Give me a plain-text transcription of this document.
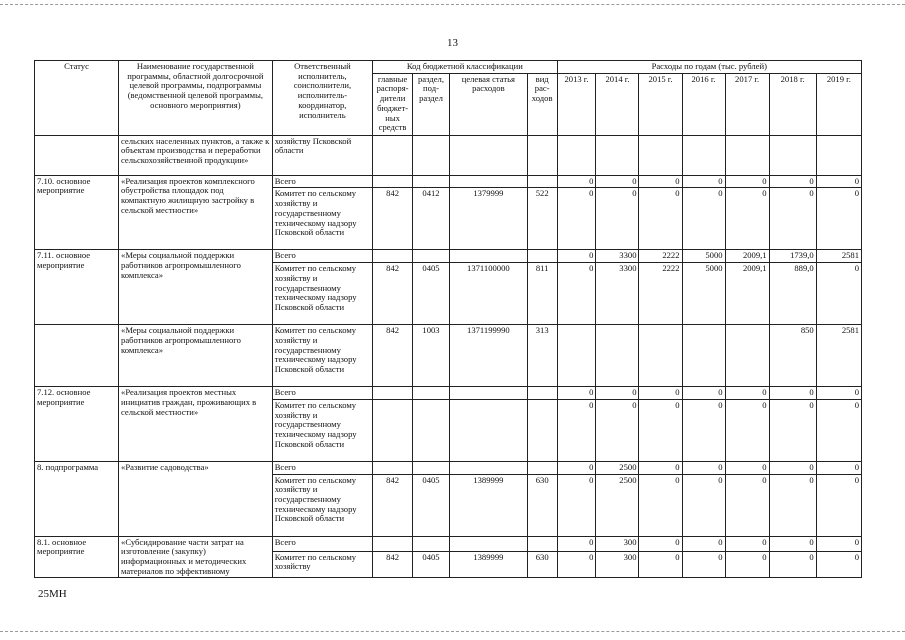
13
Статус	Наименование государственной программы, областной долгосрочной целевой программы, подпрограммы (ведомственной целевой программы, основного мероприятия)	Ответственный исполнитель, соисполнители, исполнитель-координатор, исполнитель	Код бюджетной классификации				Расходы по годам (тыс. рублей)						
			главные распоря-дители бюджет-ных средств	раздел, под-раздел	целевая статья расходов	вид рас-ходов	2013 г.	2014 г.	2015 г.	2016 г.	2017 г.	2018 г.	2019 г.
	сельских населенных пунктов, а также к объектам производства и переработки сельскохозяйственной продукции»	хозяйству Псковской области											
7.10. основное мероприятие	«Реализация проектов комплексного обустройства площадок под компактную жилищную застройку в сельской местности»	Всего					0	0	0	0	0	0	0
		Комитет по сельскому хозяйству и государственному техническому надзору Псковской области	842	0412	1379999	522	0	0	0	0	0	0	0
7.11. основное мероприятие	«Меры социальной поддержки работников агропромышленного комплекса»	Всего					0	3300	2222	5000	2009,1	1739,0	2581
		Комитет по сельскому хозяйству и государственному техническому надзору Псковской области	842	0405	1371100000	811	0	3300	2222	5000	2009,1	889,0	0
	«Меры социальной поддержки работников агропромышленного комплекса»	Комитет по сельскому хозяйству и государственному техническому надзору Псковской области	842	1003	1371199990	313						850	2581
7.12. основное мероприятие	«Реализация проектов местных инициатив граждан, проживающих в сельской местности»	Всего					0	0	0	0	0	0	0
		Комитет по сельскому хозяйству и государственному техническому надзору Псковской области					0	0	0	0	0	0	0
8. подпрограмма	«Развитие садоводства»	Всего					0	2500	0	0	0	0	0
		Комитет по сельскому хозяйству и государственному техническому надзору Псковской области	842	0405	1389999	630	0	2500	0	0	0	0	0
8.1. основное мероприятие	«Субсидирование части затрат на изготовление (закупку) информационных и методических материалов по эффективному	Всего					0	300	0	0	0	0	0
		Комитет по сельскому хозяйству	842	0405	1389999	630	0	300	0	0	0	0	0
25МН
